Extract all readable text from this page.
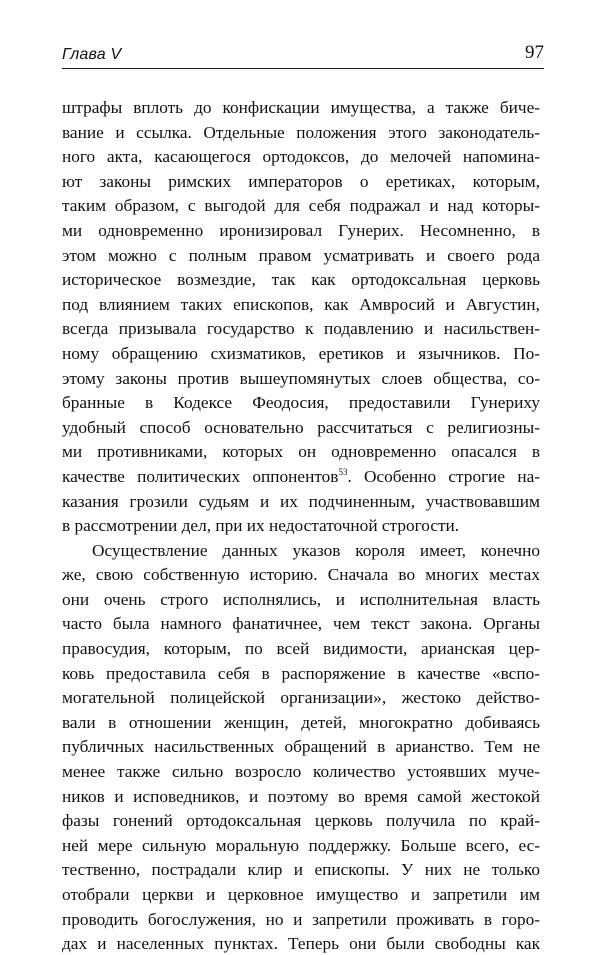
Глава V	97
штрафы вплоть до конфискации имущества, а также биче-
вание и ссылка. Отдельные положения этого законодатель-
ного акта, касающегося ортодоксов, до мелочей напомина-
ют законы римских императоров о еретиках, которым,
таким образом, с выгодой для себя подражал и над которы-
ми одновременно иронизировал Гунерих. Несомненно, в
этом можно с полным правом усматривать и своего рода
историческое возмездие, так как ортодоксальная церковь
под влиянием таких епископов, как Амвросий и Августин,
всегда призывала государство к подавлению и насильствен-
ному обращению схизматиков, еретиков и язычников. По-
этому законы против вышеупомянутых слоев общества, со-
бранные в Кодексе Феодосия, предоставили Гунериху
удобный способ основательно рассчитаться с религиозны-
ми противниками, которых он одновременно опасался в
качестве политических оппонентов$^{53}$. Особенно строгие на-
казания грозили судьям и их подчиненным, участвовавшим
в рассмотрении дел, при их недостаточной строгости.
Осуществление данных указов короля имеет, конечно
же, свою собственную историю. Сначала во многих местах
они очень строго исполнялись, и исполнительная власть
часто была намного фанатичнее, чем текст закона. Органы
правосудия, которым, по всей видимости, арианская цер-
ковь предоставила себя в распоряжение в качестве «вспо-
могательной полицейской организации», жестоко действо-
вали в отношении женщин, детей, многократно добиваясь
публичных насильственных обращений в арианство. Тем не
менее также сильно возросло количество устоявших муче-
ников и исповедников, и поэтому во время самой жестокой
фазы гонений ортодоксальная церковь получила по край-
ней мере сильную моральную поддержку. Больше всего, ес-
тественно, пострадали клир и епископы. У них не только
отобрали церкви и церковное имущество и запретили им
проводить богослужения, но и запретили проживать в горо-
дах и населенных пунктах. Теперь они были свободны как
